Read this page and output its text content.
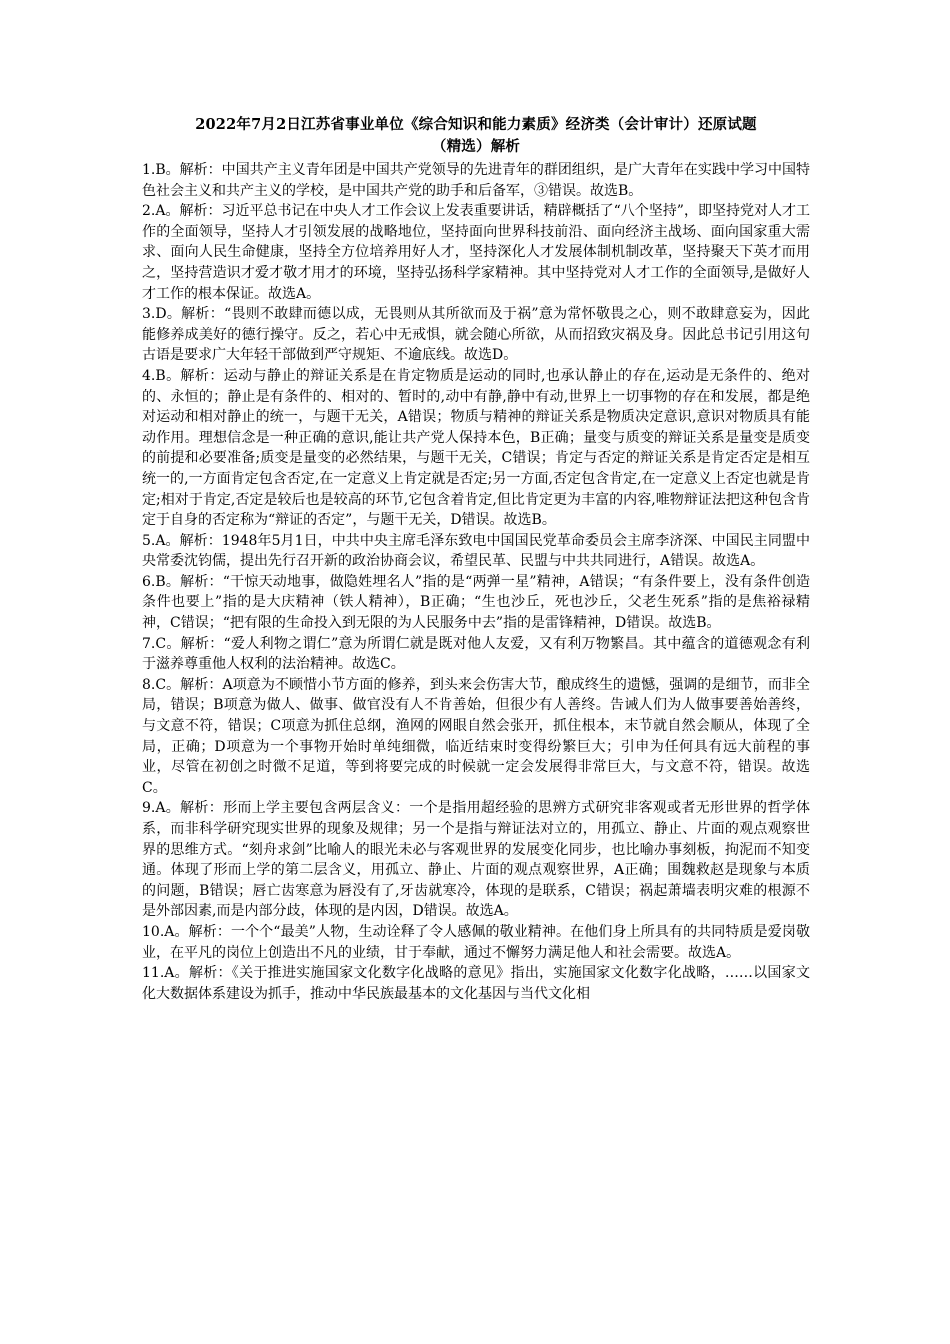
2022年7月2日江苏省事业单位《综合知识和能力素质》经济类（会计审计）还原试题
（精选）解析

1.B。解析：中国共产主义青年团是中国共产党领导的先进青年的群团组织，是广大青年在实践中学习中国特色社会主义和共产主义的学校，是中国共产党的助手和后备军，③错误。故选B。

2.A。解析：习近平总书记在中央人才工作会议上发表重要讲话，精辟概括了“八个坚持”，即坚持党对人才工作的全面领导，坚持人才引领发展的战略地位，坚持面向世界科技前沿、面向经济主战场、面向国家重大需求、面向人民生命健康，坚持全方位培养用好人才，坚持深化人才发展体制机制改革，坚持聚天下英才而用之，坚持营造识才爱才敬才用才的环境，坚持弘扬科学家精神。其中坚持党对人才工作的全面领导,是做好人才工作的根本保证。故选A。

3.D。解析：“畏则不敢肆而德以成，无畏则从其所欲而及于祸”意为常怀敬畏之心，则不敢肆意妄为，因此能修养成美好的德行操守。反之，若心中无戒惧，就会随心所欲，从而招致灾祸及身。因此总书记引用这句古语是要求广大年轻干部做到严守规矩、不逾底线。故选D。

4.B。解析：运动与静止的辩证关系是在肯定物质是运动的同时,也承认静止的存在,运动是无条件的、绝对的、永恒的；静止是有条件的、相对的、暂时的,动中有静,静中有动,世界上一切事物的存在和发展，都是绝对运动和相对静止的统一，与题干无关，A错误；物质与精神的辩证关系是物质决定意识,意识对物质具有能动作用。理想信念是一种正确的意识,能让共产党人保持本色，B正确；量变与质变的辩证关系是量变是质变的前提和必要准备;质变是量变的必然结果，与题干无关，C错误；肯定与否定的辩证关系是肯定否定是相互统一的,一方面肯定包含否定,在一定意义上肯定就是否定;另一方面,否定包含肯定,在一定意义上否定也就是肯定;相对于肯定,否定是较后也是较高的环节,它包含着肯定,但比肯定更为丰富的内容,唯物辩证法把这种包含肯定于自身的否定称为“辩证的否定”，与题干无关，D错误。故选B。

5.A。解析：1948年5月1日，中共中央主席毛泽东致电中国国民党革命委员会主席李济深、中国民主同盟中央常委沈钧儒，提出先行召开新的政治协商会议，希望民革、民盟与中共共同进行，A错误。故选A。

6.B。解析：“干惊天动地事，做隐姓埋名人”指的是“两弹一星”精神，A错误；“有条件要上，没有条件创造条件也要上”指的是大庆精神（铁人精神），B正确；“生也沙丘，死也沙丘，父老生死系”指的是焦裕禄精神，C错误；“把有限的生命投入到无限的为人民服务中去”指的是雷锋精神，D错误。故选B。

7.C。解析：“爱人利物之谓仁”意为所谓仁就是既对他人友爱，又有利万物繁昌。其中蕴含的道德观念有利于滋养尊重他人权利的法治精神。故选C。

8.C。解析：A项意为不顾惜小节方面的修养，到头来会伤害大节，酿成终生的遗憾，强调的是细节，而非全局，错误；B项意为做人、做事、做官没有人不肯善始，但很少有人善终。告诫人们为人做事要善始善终，与文意不符，错误；C项意为抓住总纲，渔网的网眼自然会张开，抓住根本，末节就自然会顺从，体现了全局，正确；D项意为一个事物开始时单纯细微，临近结束时变得纷繁巨大；引申为任何具有远大前程的事业，尽管在初创之时微不足道，等到将要完成的时候就一定会发展得非常巨大，与文意不符，错误。故选C。

9.A。解析：形而上学主要包含两层含义：一个是指用超经验的思辨方式研究非客观或者无形世界的哲学体系，而非科学研究现实世界的现象及规律；另一个是指与辩证法对立的，用孤立、静止、片面的观点观察世界的思维方式。“刻舟求剑”比喻人的眼光未必与客观世界的发展变化同步，也比喻办事刻板，拘泥而不知变通。体现了形而上学的第二层含义，用孤立、静止、片面的观点观察世界，A正确；围魏救赵是现象与本质的问题，B错误；唇亡齿寒意为唇没有了,牙齿就寒冷，体现的是联系，C错误；祸起萧墙表明灾难的根源不是外部因素,而是内部分歧，体现的是内因，D错误。故选A。

10.A。解析：一个个“最美”人物，生动诠释了令人感佩的敬业精神。在他们身上所具有的共同特质是爱岗敬业，在平凡的岗位上创造出不凡的业绩，甘于奉献，通过不懈努力满足他人和社会需要。故选A。

11.A。解析：《关于推进实施国家文化数字化战略的意见》指出，实施国家文化数字化战略，……以国家文化大数据体系建设为抓手，推动中华民族最基本的文化基因与当代文化相
